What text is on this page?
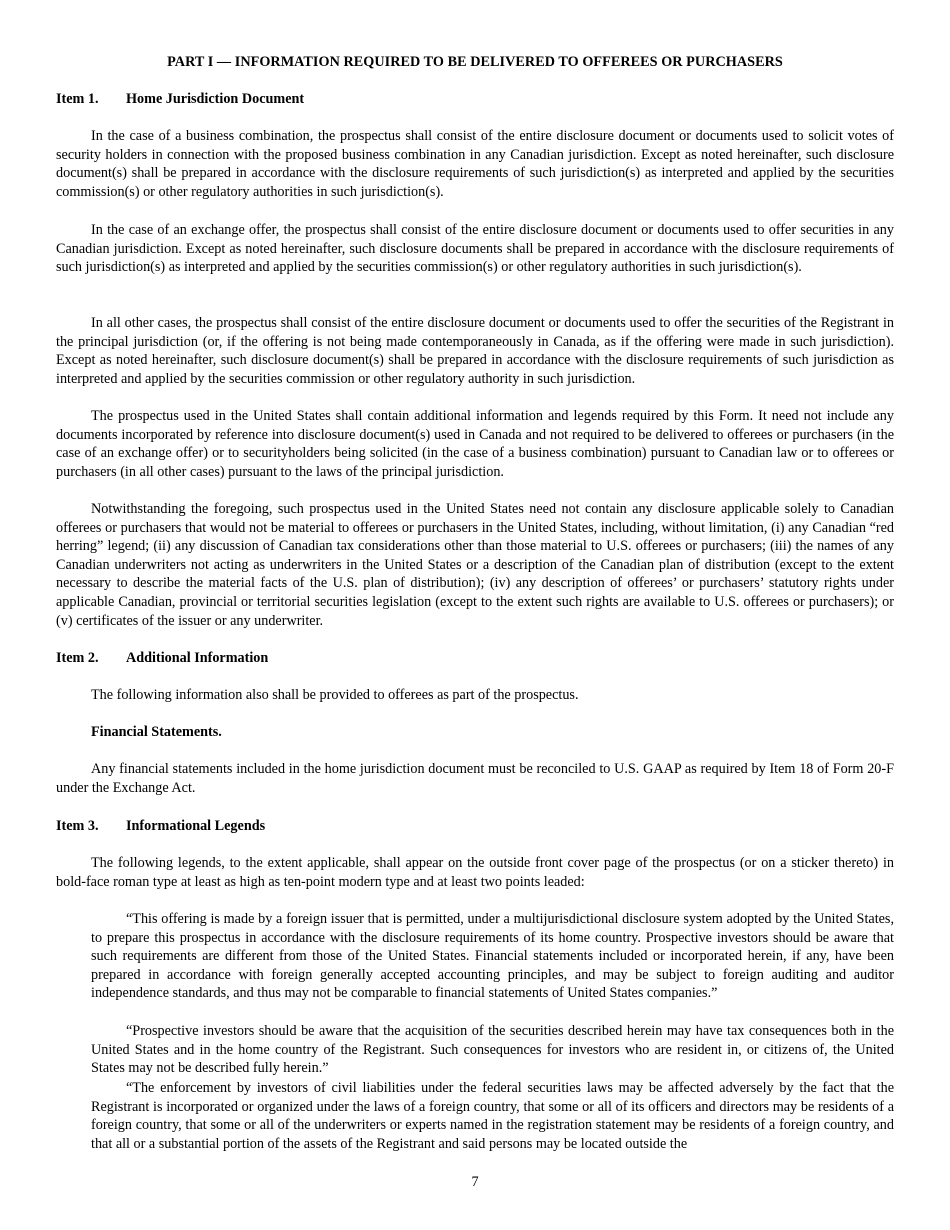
PART I — INFORMATION REQUIRED TO BE DELIVERED TO OFFEREES OR PURCHASERS
Item 1. Home Jurisdiction Document

In the case of a business combination, the prospectus shall consist of the entire disclosure document or documents used to solicit votes of security holders in connection with the proposed business combination in any Canadian jurisdiction. Except as noted hereinafter, such disclosure document(s) shall be prepared in accordance with the disclosure requirements of such jurisdiction(s) as interpreted and applied by the securities commission(s) or other regulatory authorities in such jurisdiction(s).

In the case of an exchange offer, the prospectus shall consist of the entire disclosure document or documents used to offer securities in any Canadian jurisdiction. Except as noted hereinafter, such disclosure documents shall be prepared in accordance with the disclosure requirements of such jurisdiction(s) as interpreted and applied by the securities commission(s) or other regulatory authorities in such jurisdiction(s).

In all other cases, the prospectus shall consist of the entire disclosure document or documents used to offer the securities of the Registrant in the principal jurisdiction (or, if the offering is not being made contemporaneously in Canada, as if the offering were made in such jurisdiction). Except as noted hereinafter, such disclosure document(s) shall be prepared in accordance with the disclosure requirements of such jurisdiction as interpreted and applied by the securities commission or other regulatory authority in such jurisdiction.

The prospectus used in the United States shall contain additional information and legends required by this Form. It need not include any documents incorporated by reference into disclosure document(s) used in Canada and not required to be delivered to offerees or purchasers (in the case of an exchange offer) or to securityholders being solicited (in the case of a business combination) pursuant to Canadian law or to offerees or purchasers (in all other cases) pursuant to the laws of the principal jurisdiction.

Notwithstanding the foregoing, such prospectus used in the United States need not contain any disclosure applicable solely to Canadian offerees or purchasers that would not be material to offerees or purchasers in the United States, including, without limitation, (i) any Canadian “red herring” legend; (ii) any discussion of Canadian tax considerations other than those material to U.S. offerees or purchasers; (iii) the names of any Canadian underwriters not acting as underwriters in the United States or a description of the Canadian plan of distribution (except to the extent necessary to describe the material facts of the U.S. plan of distribution); (iv) any description of offerees’ or purchasers’ statutory rights under applicable Canadian, provincial or territorial securities legislation (except to the extent such rights are available to U.S. offerees or purchasers); or (v) certificates of the issuer or any underwriter.

Item 2. Additional Information

The following information also shall be provided to offerees as part of the prospectus.

Financial Statements.

Any financial statements included in the home jurisdiction document must be reconciled to U.S. GAAP as required by Item 18 of Form 20-F under the Exchange Act.

Item 3. Informational Legends

The following legends, to the extent applicable, shall appear on the outside front cover page of the prospectus (or on a sticker thereto) in bold-face roman type at least as high as ten-point modern type and at least two points leaded:

“This offering is made by a foreign issuer that is permitted, under a multijurisdictional disclosure system adopted by the United States, to prepare this prospectus in accordance with the disclosure requirements of its home country. Prospective investors should be aware that such requirements are different from those of the United States. Financial statements included or incorporated herein, if any, have been prepared in accordance with foreign generally accepted accounting principles, and may be subject to foreign auditing and auditor independence standards, and thus may not be comparable to financial statements of United States companies.”

“Prospective investors should be aware that the acquisition of the securities described herein may have tax consequences both in the United States and in the home country of the Registrant. Such consequences for investors who are resident in, or citizens of, the United States may not be described fully herein.”

“The enforcement by investors of civil liabilities under the federal securities laws may be affected adversely by the fact that the Registrant is incorporated or organized under the laws of a foreign country, that some or all of its officers and directors may be residents of a foreign country, that some or all of the underwriters or experts named in the registration statement may be residents of a foreign country, and that all or a substantial portion of the assets of the Registrant and said persons may be located outside the

7
